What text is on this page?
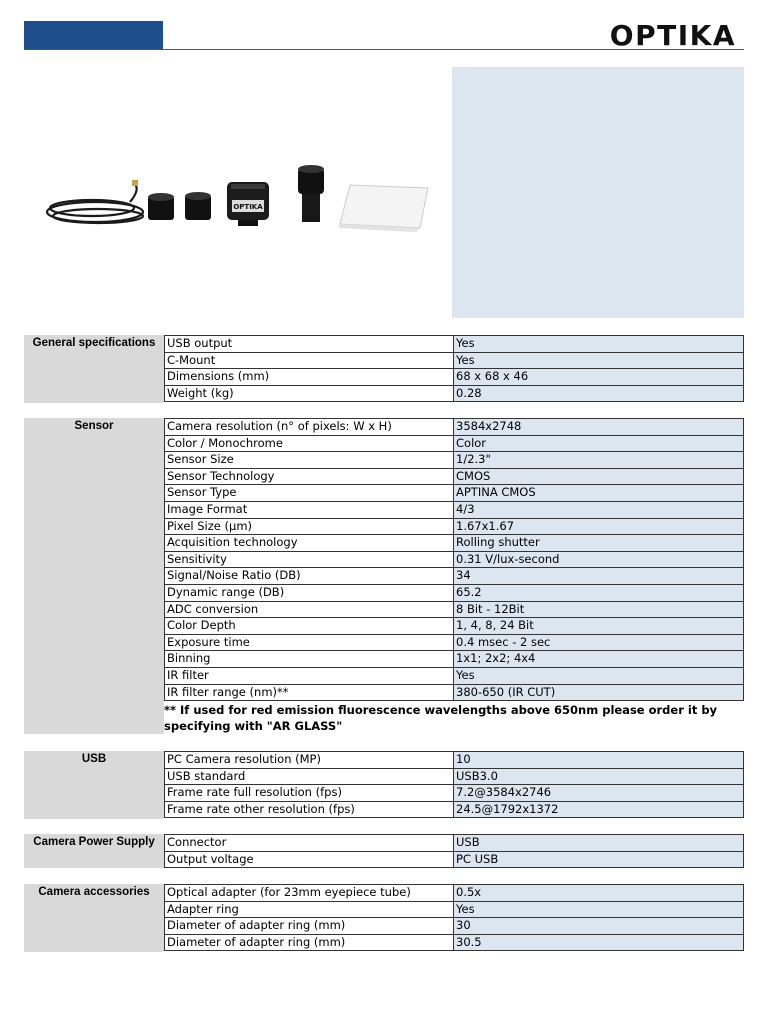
OPTIKA
OPTIKA
General specifications	USB output	Yes
C-Mount	Yes
Dimensions (mm)	68 x 68 x 46
Weight (kg)	0.28
Sensor	Camera resolution (n° of pixels: W x H)	3584x2748
Color / Monochrome	Color
Sensor Size	1/2.3"
Sensor Technology	CMOS
Sensor Type	APTINA CMOS
Image Format	4/3
Pixel Size (µm)	1.67x1.67
Acquisition technology	Rolling shutter
Sensitivity	0.31 V/lux-second
Signal/Noise Ratio (DB)	34
Dynamic range (DB)	65.2
ADC conversion	8 Bit - 12Bit
Color Depth	1, 4, 8, 24 Bit
Exposure time	0.4 msec - 2 sec
Binning	1x1; 2x2; 4x4
IR filter	Yes
IR filter range (nm)**	380-650 (IR CUT)
** If used for red emission fluorescence wavelengths above 650nm please order it by specifying with "AR GLASS"
USB	PC Camera resolution (MP)	10
USB standard	USB3.0
Frame rate full resolution (fps)	7.2@3584x2746
Frame rate other resolution (fps)	24.5@1792x1372
Camera Power Supply	Connector	USB
Output voltage	PC USB
Camera accessories	Optical adapter (for 23mm eyepiece tube)	0.5x
Adapter ring	Yes
Diameter of adapter ring (mm)	30
Diameter of adapter ring (mm)	30.5
